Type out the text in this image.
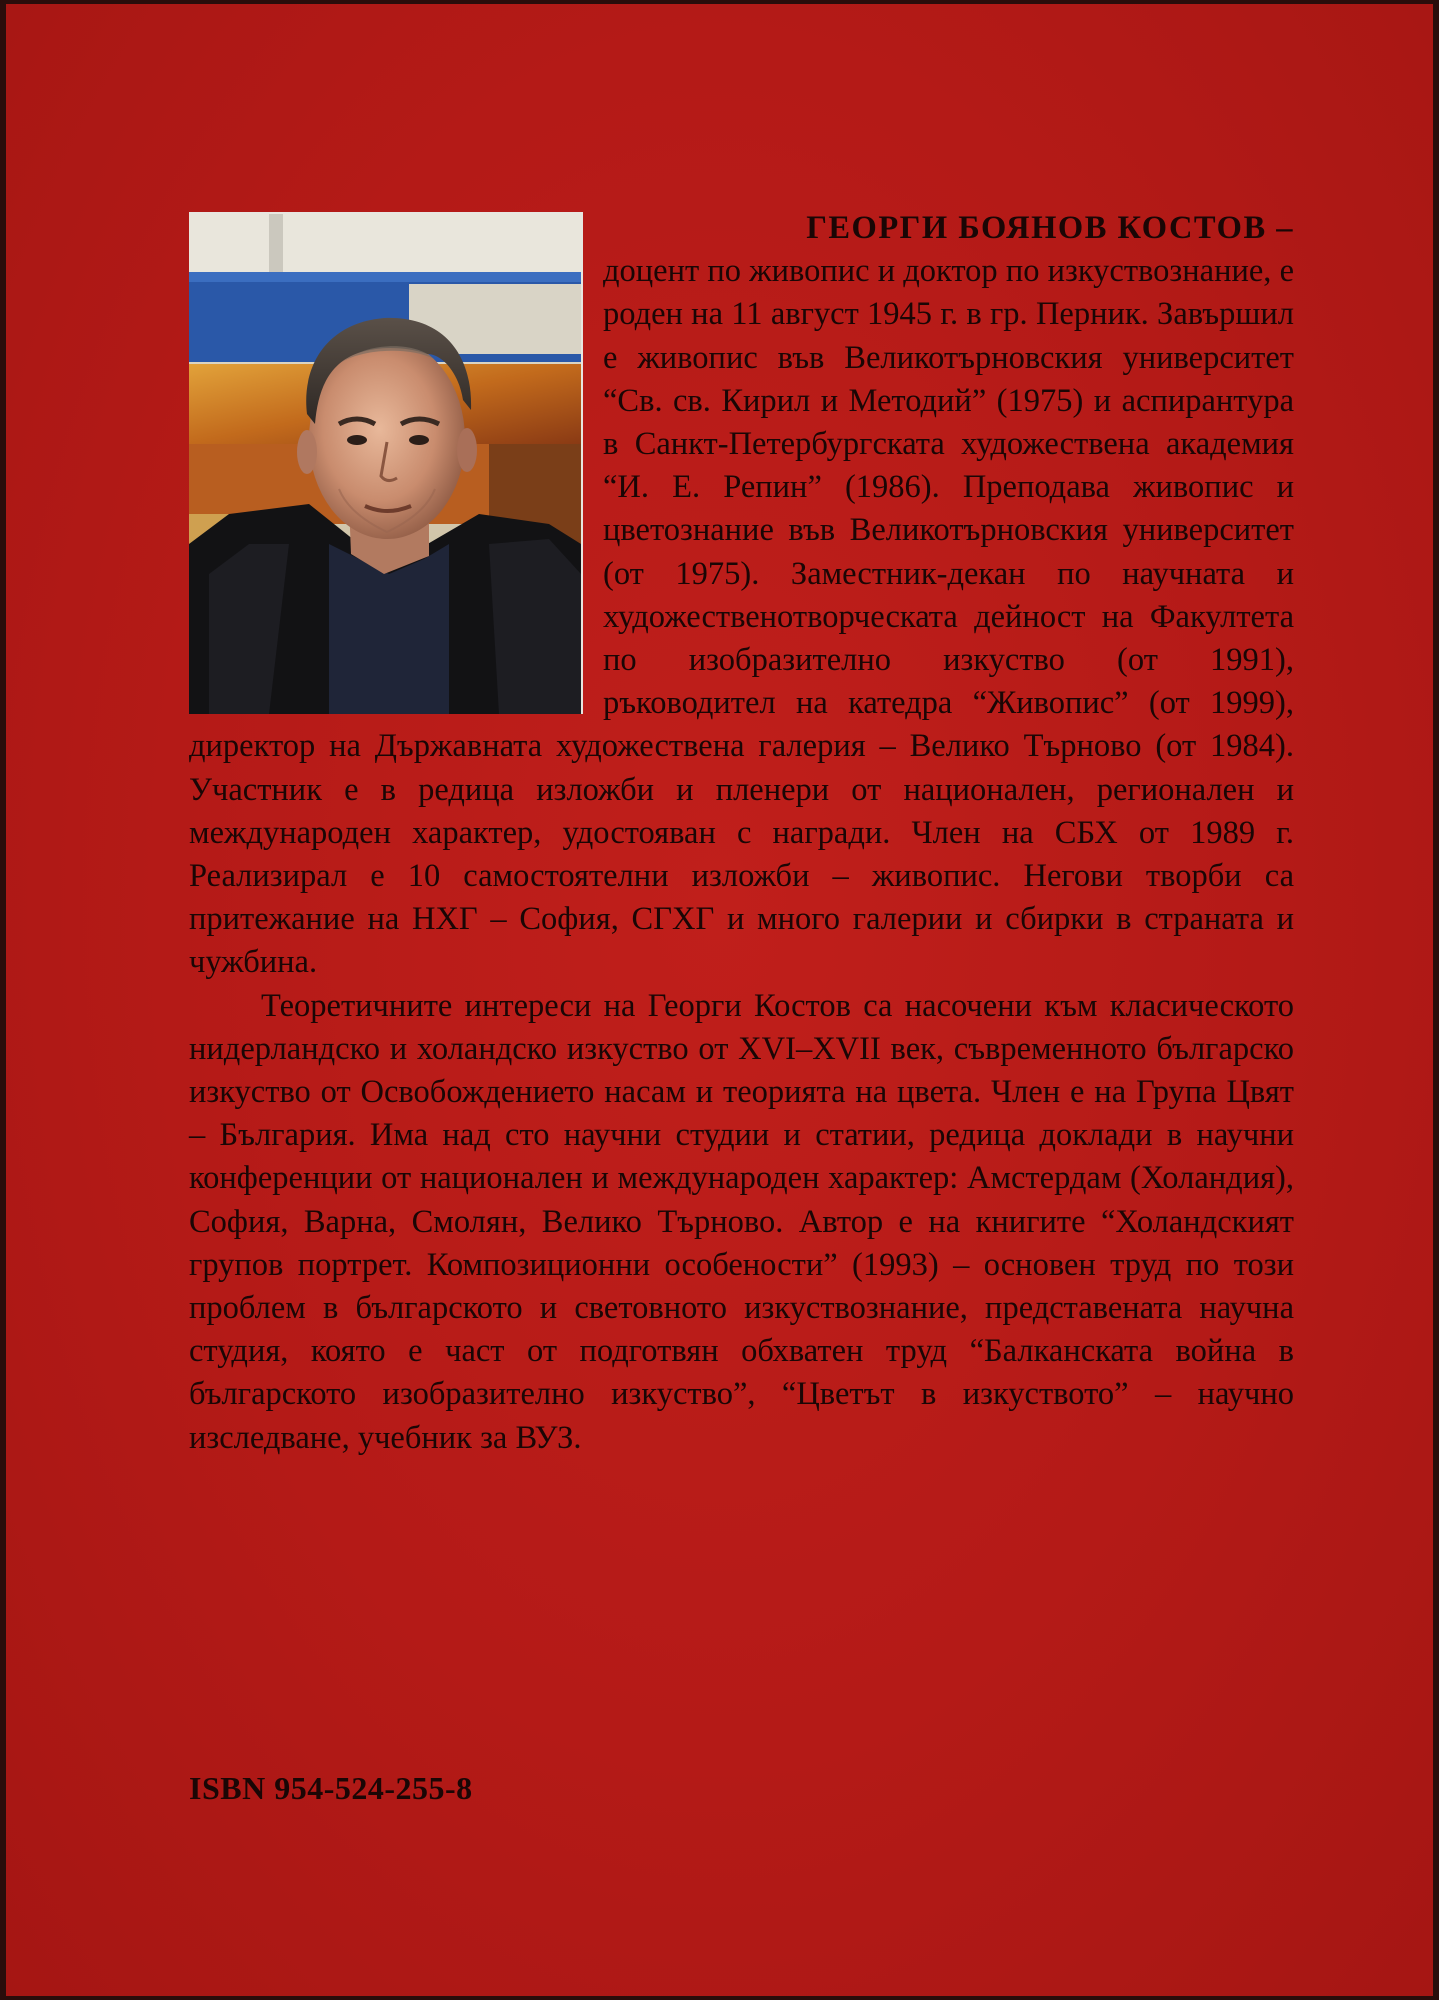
ГЕОРГИ БОЯНОВ КОСТОВ –
доцент по живопис и доктор по изкуствознание, е роден на 11 август 1945 г. в гр. Перник. Завършил е живопис във Великотърновския университет “Св. св. Кирил и Методий” (1975) и аспирантура в Санкт-Петербургската художествена академия “И. Е. Репин” (1986). Преподава живопис и цветознание във Великотърновския университет (от 1975). Заместник-декан по научната и художественотворческата дейност на Факултета по изобразително изкуство (от 1991), ръководител на катедра “Живопис” (от 1999), директор на Държавната художествена галерия – Велико Търново (от 1984). Участник е в редица изложби и пленери от национален, регионален и международен характер, удостояван с награди. Член на СБХ от 1989 г. Реализирал е 10 самостоятелни изложби – живопис. Негови творби са притежание на НХГ – София, СГХГ и много галерии и сбирки в страната и чужбина.

Теоретичните интереси на Георги Костов са насочени към класическото нидерландско и холандско изкуство от XVI–XVII век, съвременното българско изкуство от Освобождението насам и теорията на цвета. Член е на Група Цвят – България. Има над сто научни студии и статии, редица доклади в научни конференции от национален и международен характер: Амстердам (Холандия), София, Варна, Смолян, Велико Търново. Автор е на книгите “Холандският групов портрет. Композиционни особености” (1993) – основен труд по този проблем в българското и световното изкуствознание, представената научна студия, която е част от подготвян обхватен труд “Балканската война в българското изобразително изкуство”, “Цветът в изкуството” – научно изследване, учебник за ВУЗ.

ISBN 954-524-255-8
